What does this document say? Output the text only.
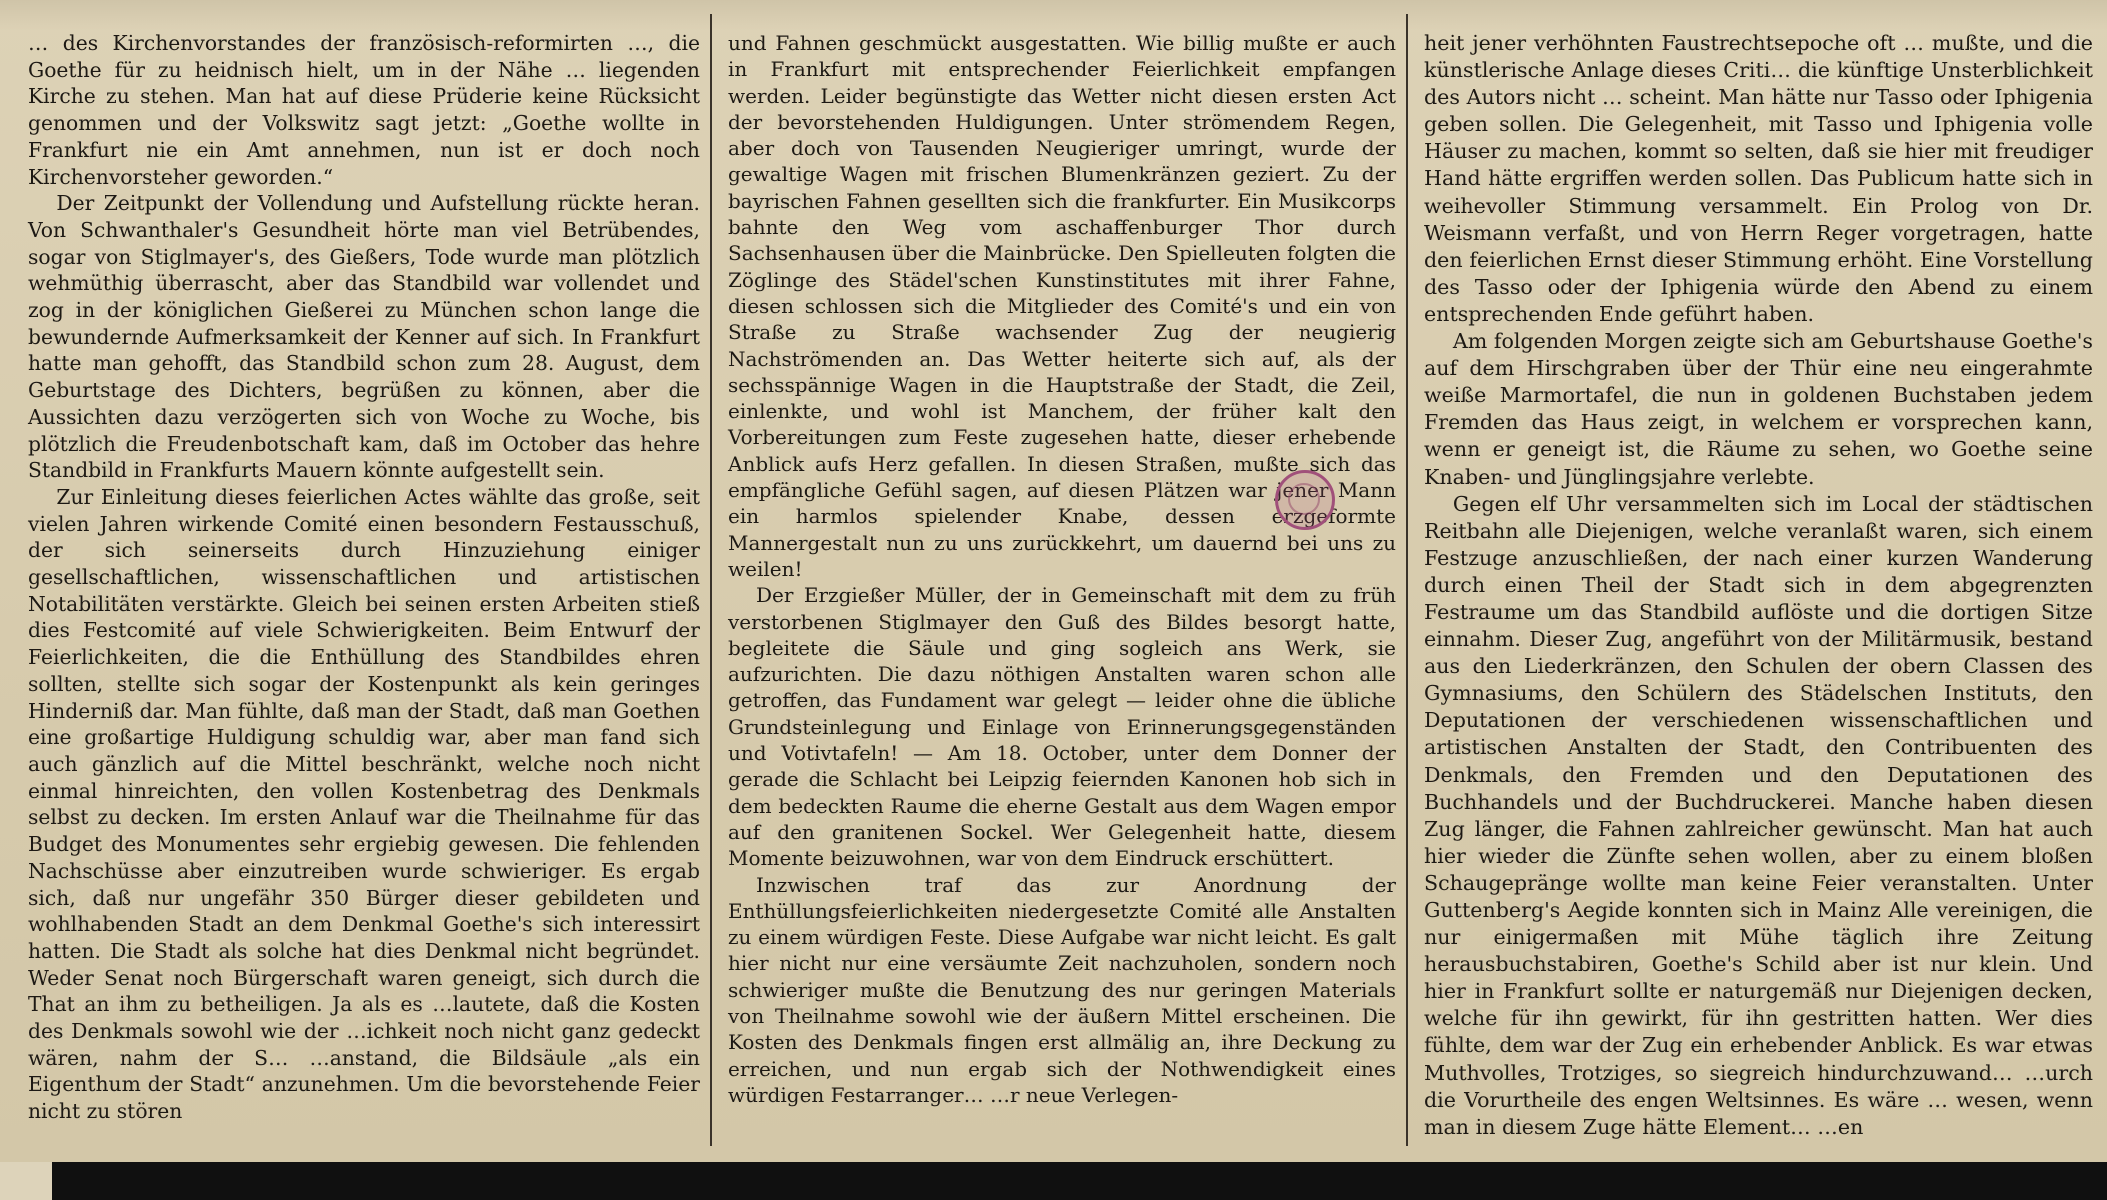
… des Kirchenvorstandes der französisch-reformirten …, die Goethe für zu heidnisch hielt, um in der Nähe … liegenden Kirche zu stehen. Man hat auf diese Prüderie keine Rücksicht genommen und der Volkswitz sagt jetzt: „Goethe wollte in Frankfurt nie ein Amt annehmen, nun ist er doch noch Kirchenvorsteher geworden.“

Der Zeitpunkt der Vollendung und Aufstellung rückte heran. Von Schwanthaler's Gesundheit hörte man viel Betrübendes, sogar von Stiglmayer's, des Gießers, Tode wurde man plötzlich wehmüthig überrascht, aber das Standbild war vollendet und zog in der königlichen Gießerei zu München schon lange die bewundernde Aufmerksamkeit der Kenner auf sich. In Frankfurt hatte man gehofft, das Standbild schon zum 28. August, dem Geburtstage des Dichters, begrüßen zu können, aber die Aussichten dazu verzögerten sich von Woche zu Woche, bis plötzlich die Freudenbotschaft kam, daß im October das hehre Standbild in Frankfurts Mauern könnte aufgestellt sein.

Zur Einleitung dieses feierlichen Actes wählte das große, seit vielen Jahren wirkende Comité einen besondern Festausschuß, der sich seinerseits durch Hinzuziehung einiger gesellschaftlichen, wissenschaftlichen und artistischen Notabilitäten verstärkte. Gleich bei seinen ersten Arbeiten stieß dies Festcomité auf viele Schwierigkeiten. Beim Entwurf der Feierlichkeiten, die die Enthüllung des Standbildes ehren sollten, stellte sich sogar der Kostenpunkt als kein geringes Hinderniß dar. Man fühlte, daß man der Stadt, daß man Goethen eine großartige Huldigung schuldig war, aber man fand sich auch gänzlich auf die Mittel beschränkt, welche noch nicht einmal hinreichten, den vollen Kostenbetrag des Denkmals selbst zu decken. Im ersten Anlauf war die Theilnahme für das Budget des Monumentes sehr ergiebig gewesen. Die fehlenden Nachschüsse aber einzutreiben wurde schwieriger. Es ergab sich, daß nur ungefähr 350 Bürger dieser gebildeten und wohlhabenden Stadt an dem Denkmal Goethe's sich interessirt hatten. Die Stadt als solche hat dies Denkmal nicht begründet. Weder Senat noch Bürgerschaft waren geneigt, sich durch die That an ihm zu betheiligen. Ja als es …lautete, daß die Kosten des Denkmals sowohl wie der …ichkeit noch nicht ganz gedeckt wären, nahm der S… …anstand, die Bildsäule „als ein Eigenthum der Stadt“ anzunehmen. Um die bevorstehende Feier nicht zu stören

und Fahnen geschmückt ausgestatten. Wie billig mußte er auch in Frankfurt mit entsprechender Feierlichkeit empfangen werden. Leider begünstigte das Wetter nicht diesen ersten Act der bevorstehenden Huldigungen. Unter strömendem Regen, aber doch von Tausenden Neugieriger umringt, wurde der gewaltige Wagen mit frischen Blumenkränzen geziert. Zu der bayrischen Fahnen gesellten sich die frankfurter. Ein Musikcorps bahnte den Weg vom aschaffenburger Thor durch Sachsenhausen über die Mainbrücke. Den Spielleuten folgten die Zöglinge des Städel'schen Kunstinstitutes mit ihrer Fahne, diesen schlossen sich die Mitglieder des Comité's und ein von Straße zu Straße wachsender Zug der neugierig Nachströmenden an. Das Wetter heiterte sich auf, als der sechsspännige Wagen in die Hauptstraße der Stadt, die Zeil, einlenkte, und wohl ist Manchem, der früher kalt den Vorbereitungen zum Feste zugesehen hatte, dieser erhebende Anblick aufs Herz gefallen. In diesen Straßen, mußte sich das empfängliche Gefühl sagen, auf diesen Plätzen war jener Mann ein harmlos spielender Knabe, dessen erzgeformte Mannergestalt nun zu uns zurückkehrt, um dauernd bei uns zu weilen!

Der Erzgießer Müller, der in Gemeinschaft mit dem zu früh verstorbenen Stiglmayer den Guß des Bildes besorgt hatte, begleitete die Säule und ging sogleich ans Werk, sie aufzurichten. Die dazu nöthigen Anstalten waren schon alle getroffen, das Fundament war gelegt — leider ohne die übliche Grundsteinlegung und Einlage von Erinnerungsgegenständen und Votivtafeln! — Am 18. October, unter dem Donner der gerade die Schlacht bei Leipzig feiernden Kanonen hob sich in dem bedeckten Raume die eherne Gestalt aus dem Wagen empor auf den granitenen Sockel. Wer Gelegenheit hatte, diesem Momente beizuwohnen, war von dem Eindruck erschüttert.

Inzwischen traf das zur Anordnung der Enthüllungsfeierlichkeiten niedergesetzte Comité alle Anstalten zu einem würdigen Feste. Diese Aufgabe war nicht leicht. Es galt hier nicht nur eine versäumte Zeit nachzuholen, sondern noch schwieriger mußte die Benutzung des nur geringen Materials von Theilnahme sowohl wie der äußern Mittel erscheinen. Die Kosten des Denkmals fingen erst allmälig an, ihre Deckung zu erreichen, und nun ergab sich der Nothwendigkeit eines würdigen Festarranger… …r neue Verlegen-

heit jener verhöhnten Faustrechtsepoche oft … mußte, und die künstlerische Anlage dieses Criti… die künftige Unsterblichkeit des Autors nicht … scheint. Man hätte nur Tasso oder Iphigenia geben sollen. Die Gelegenheit, mit Tasso und Iphigenia volle Häuser zu machen, kommt so selten, daß sie hier mit freudiger Hand hätte ergriffen werden sollen. Das Publicum hatte sich in weihevoller Stimmung versammelt. Ein Prolog von Dr. Weismann verfaßt, und von Herrn Reger vorgetragen, hatte den feierlichen Ernst dieser Stimmung erhöht. Eine Vorstellung des Tasso oder der Iphigenia würde den Abend zu einem entsprechenden Ende geführt haben.

Am folgenden Morgen zeigte sich am Geburtshause Goethe's auf dem Hirschgraben über der Thür eine neu eingerahmte weiße Marmortafel, die nun in goldenen Buchstaben jedem Fremden das Haus zeigt, in welchem er vorsprechen kann, wenn er geneigt ist, die Räume zu sehen, wo Goethe seine Knaben- und Jünglingsjahre verlebte.

Gegen elf Uhr versammelten sich im Local der städtischen Reitbahn alle Diejenigen, welche veranlaßt waren, sich einem Festzuge anzuschließen, der nach einer kurzen Wanderung durch einen Theil der Stadt sich in dem abgegrenzten Festraume um das Standbild auflöste und die dortigen Sitze einnahm. Dieser Zug, angeführt von der Militärmusik, bestand aus den Liederkränzen, den Schulen der obern Classen des Gymnasiums, den Schülern des Städelschen Instituts, den Deputationen der verschiedenen wissenschaftlichen und artistischen Anstalten der Stadt, den Contribuenten des Denkmals, den Fremden und den Deputationen des Buchhandels und der Buchdruckerei. Manche haben diesen Zug länger, die Fahnen zahlreicher gewünscht. Man hat auch hier wieder die Zünfte sehen wollen, aber zu einem bloßen Schaugepränge wollte man keine Feier veranstalten. Unter Guttenberg's Aegide konnten sich in Mainz Alle vereinigen, die nur einigermaßen mit Mühe täglich ihre Zeitung herausbuchstabiren, Goethe's Schild aber ist nur klein. Und hier in Frankfurt sollte er naturgemäß nur Diejenigen decken, welche für ihn gewirkt, für ihn gestritten hatten. Wer dies fühlte, dem war der Zug ein erhebender Anblick. Es war etwas Muthvolles, Trotziges, so siegreich hindurchzuwand… …urch die Vorurtheile des engen Weltsinnes. Es wäre … wesen, wenn man in diesem Zuge hätte Element… …en
